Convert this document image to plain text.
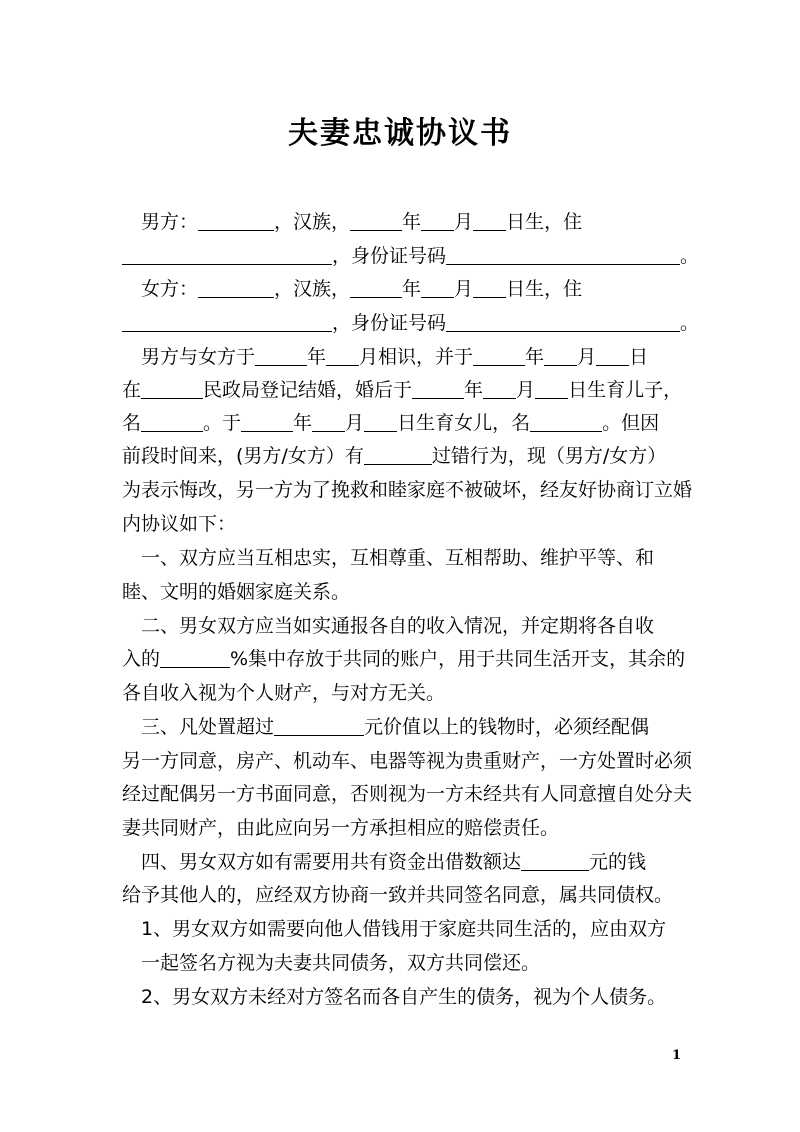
夫妻忠诚协议书
　男方：	，汉族，	年 月 日生，住
，身份证号码	。
　女方：	，汉族，	年 月 日生，住
，身份证号码	。
　男方与女方于	年 月相识，并于	年 月 日
在	民政局登记结婚，婚后于	年 月 日生育儿子，
名	。于	年 月 日生育女儿，名	。但因
前段时间来，(男方/女方）有	过错行为，现（男方/女方）
为表示悔改，另一方为了挽救和睦家庭不被破坏，经友好协商订立婚
内协议如下：
　一、双方应当互相忠实，互相尊重、互相帮助、维护平等、和
睦、文明的婚姻家庭关系。
　二、男女双方应当如实通报各自的收入情况，并定期将各自收
入的	%集中存放于共同的账户，用于共同生活开支，其余的
各自收入视为个人财产，与对方无关。
　三、凡处置超过	元价值以上的钱物时，必须经配偶
另一方同意，房产、机动车、电器等视为贵重财产，一方处置时必须
经过配偶另一方书面同意，否则视为一方未经共有人同意擅自处分夫
妻共同财产，由此应向另一方承担相应的赔偿责任。
　四、男女双方如有需要用共有资金出借数额达	元的钱
给予其他人的，应经双方协商一致并共同签名同意，属共同债权。
　1、男女双方如需要向他人借钱用于家庭共同生活的，应由双方
　一起签名方视为夫妻共同债务，双方共同偿还。
　2、男女双方未经对方签名而各自产生的债务，视为个人债务。
1
